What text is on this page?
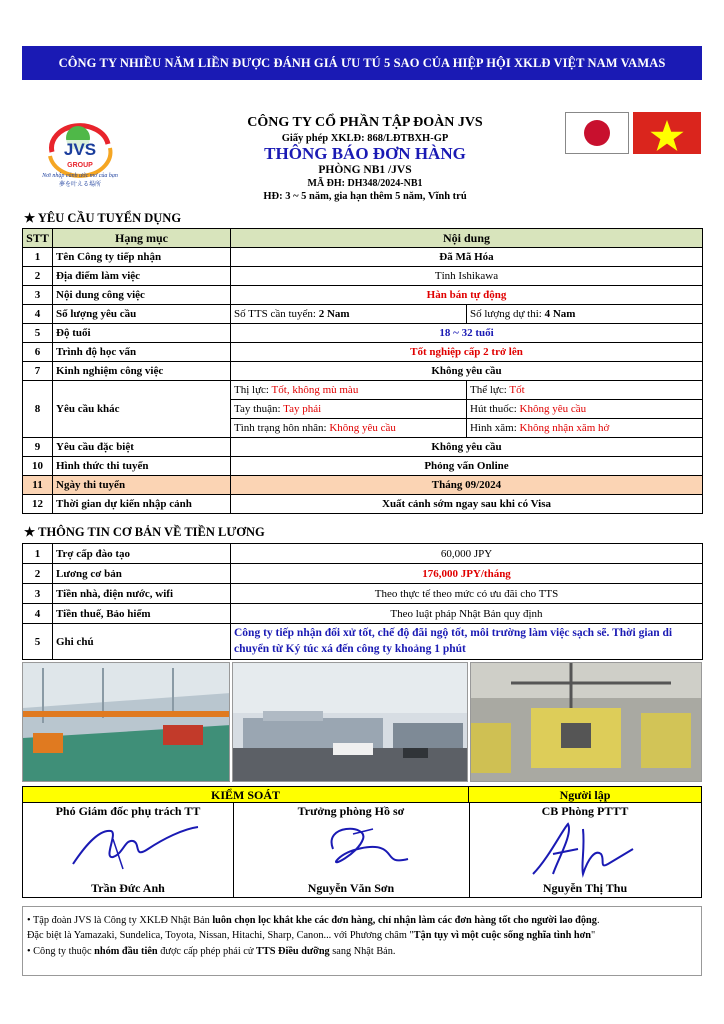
CÔNG TY NHIỀU NĂM LIỀN ĐƯỢC ĐÁNH GIÁ ƯU TÚ 5 SAO CỦA HIỆP HỘI XKLĐ VIỆT NAM VAMAS
JVS
GROUP
Nơi nhập cánh ước mơ của bạn
夢を叶える場所
CÔNG TY CỔ PHẦN TẬP ĐOÀN JVS
Giấy phép XKLĐ: 868/LĐTBXH-GP
THÔNG BÁO ĐƠN HÀNG
PHÒNG NB1 /JVS
MÃ ĐH: DH348/2024-NB1
HĐ: 3 ~ 5 năm, gia hạn thêm 5 năm, Vĩnh trú
★ YÊU CẦU TUYỂN DỤNG
STT	Hạng mục	Nội dung	
1	Tên Công ty tiếp nhận	Đã Mã Hóa	
2	Địa điểm làm việc	Tỉnh Ishikawa	
3	Nội dung công việc	Hàn bán tự động	
4	Số lượng yêu cầu	Số TTS cần tuyển: 2 Nam	Số lượng dự thi: 4 Nam
5	Độ tuổi	18 ~ 32 tuổi	
6	Trình độ học vấn	Tốt nghiệp cấp 2 trở lên	
7	Kinh nghiệm công việc	Không yêu cầu	
8	Yêu cầu khác	Thị lực: Tốt, không mù màu	Thể lực: Tốt
		Tay thuận: Tay phải	Hút thuốc: Không yêu cầu
		Tình trạng hôn nhân: Không yêu cầu	Hình xăm: Không nhận xăm hở
9	Yêu cầu đặc biệt	Không yêu cầu	
10	Hình thức thi tuyển	Phỏng vấn Online	
11	Ngày thi tuyển	Tháng 09/2024	
12	Thời gian dự kiến nhập cảnh	Xuất cảnh sớm ngay sau khi có Visa	
★ THÔNG TIN CƠ BẢN VỀ TIỀN LƯƠNG
1	Trợ cấp đào tạo	60,000 JPY
2	Lương cơ bản	176,000 JPY/tháng
3	Tiền nhà, điện nước, wifi	Theo thực tế theo mức có ưu đãi cho TTS
4	Tiền thuế, Bảo hiểm	Theo luật pháp Nhật Bản quy định
5	Ghi chú	Công ty tiếp nhận đối xử tốt, chế độ đãi ngộ tốt, môi trường làm việc sạch sẽ. Thời gian di chuyển từ Ký túc xá đến công ty khoảng 1 phút
KIỂM SOÁT	Người lập
Phó Giám đốc phụ trách TT	Trưởng phòng Hồ sơ	CB Phòng PTTT
Trần Đức Anh	Nguyễn Văn Sơn	Nguyễn Thị Thu
• Tập đoàn JVS là Công ty XKLĐ Nhật Bản luôn chọn lọc khắt khe các đơn hàng, chỉ nhận làm các đơn hàng tốt cho người lao động.
Đặc biệt là Yamazaki, Sundelica, Toyota, Nissan, Hitachi, Sharp, Canon... với Phương châm "Tận tụy vì một cuộc sống nghĩa tình hơn"
• Công ty thuộc nhóm đầu tiên được cấp phép phái cử TTS Điều dưỡng sang Nhật Bản.
